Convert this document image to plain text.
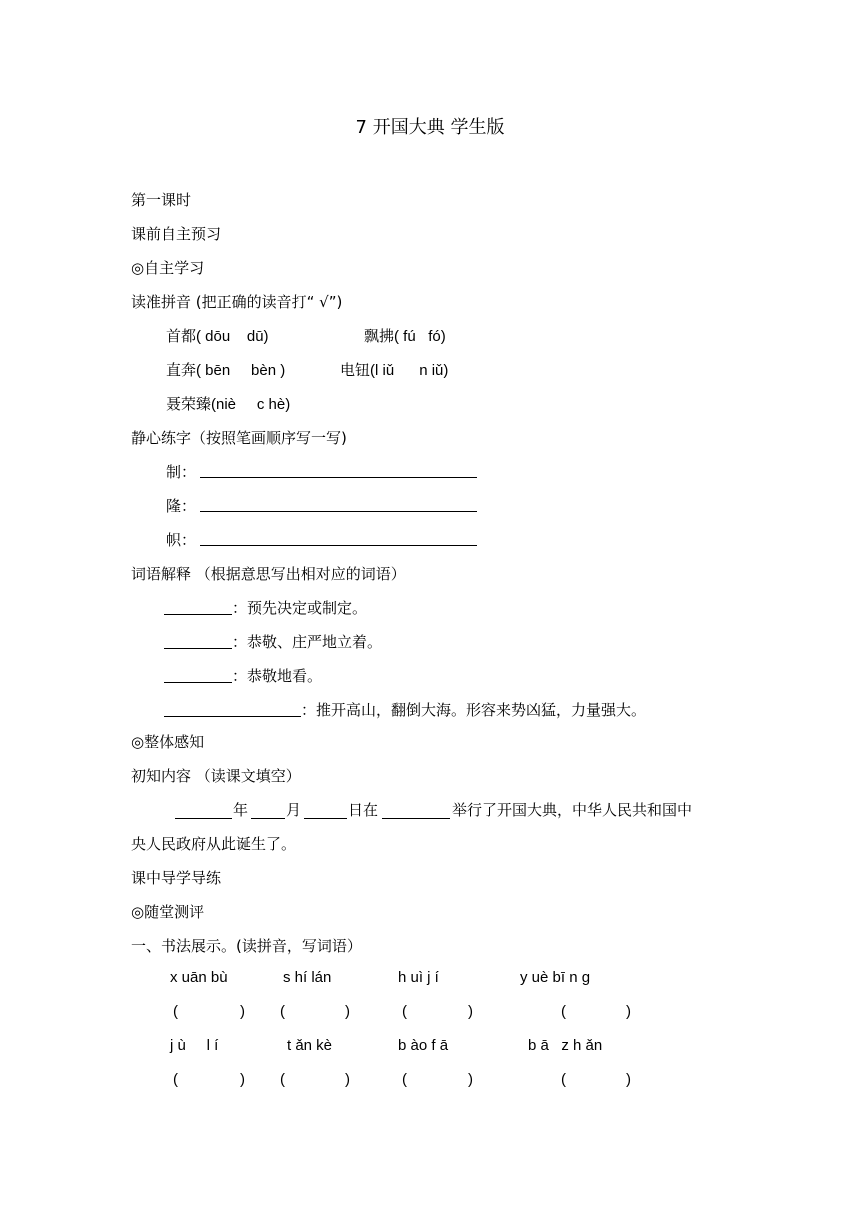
7 开国大典 学生版
第一课时
课前自主预习
◎自主学习
读准拼音 (把正确的读音打“ √”)
首都( dōu    dū)	飘拂( fú   fó)
直奔( bēn     bèn )	电钮(l iǔ      n iǔ)
聂荣臻(niè     c hè)
静心练字（按照笔画顺序写一写)
制：
隆：
帜：
词语解释 （根据意思写出相对应的词语）
：预先决定或制定。
：恭敬、庄严地立着。
：恭敬地看。
：推开高山，翻倒大海。形容来势凶猛，力量强大。
◎整体感知
初知内容 （读课文填空）
年	月	日在	举行了开国大典，中华人民共和国中
央人民政府从此诞生了。
课中导学导练
◎随堂测评
一、书法展示。(读拼音，写词语）
x uān bù	s hí lán	h uì j í	y uè bī n g
(	) (	)	(	)	(	)
j ù     l í	t ǎn kè	b ào f ā	b ā   z h ǎn
(	) (	)	(	)	(	)
